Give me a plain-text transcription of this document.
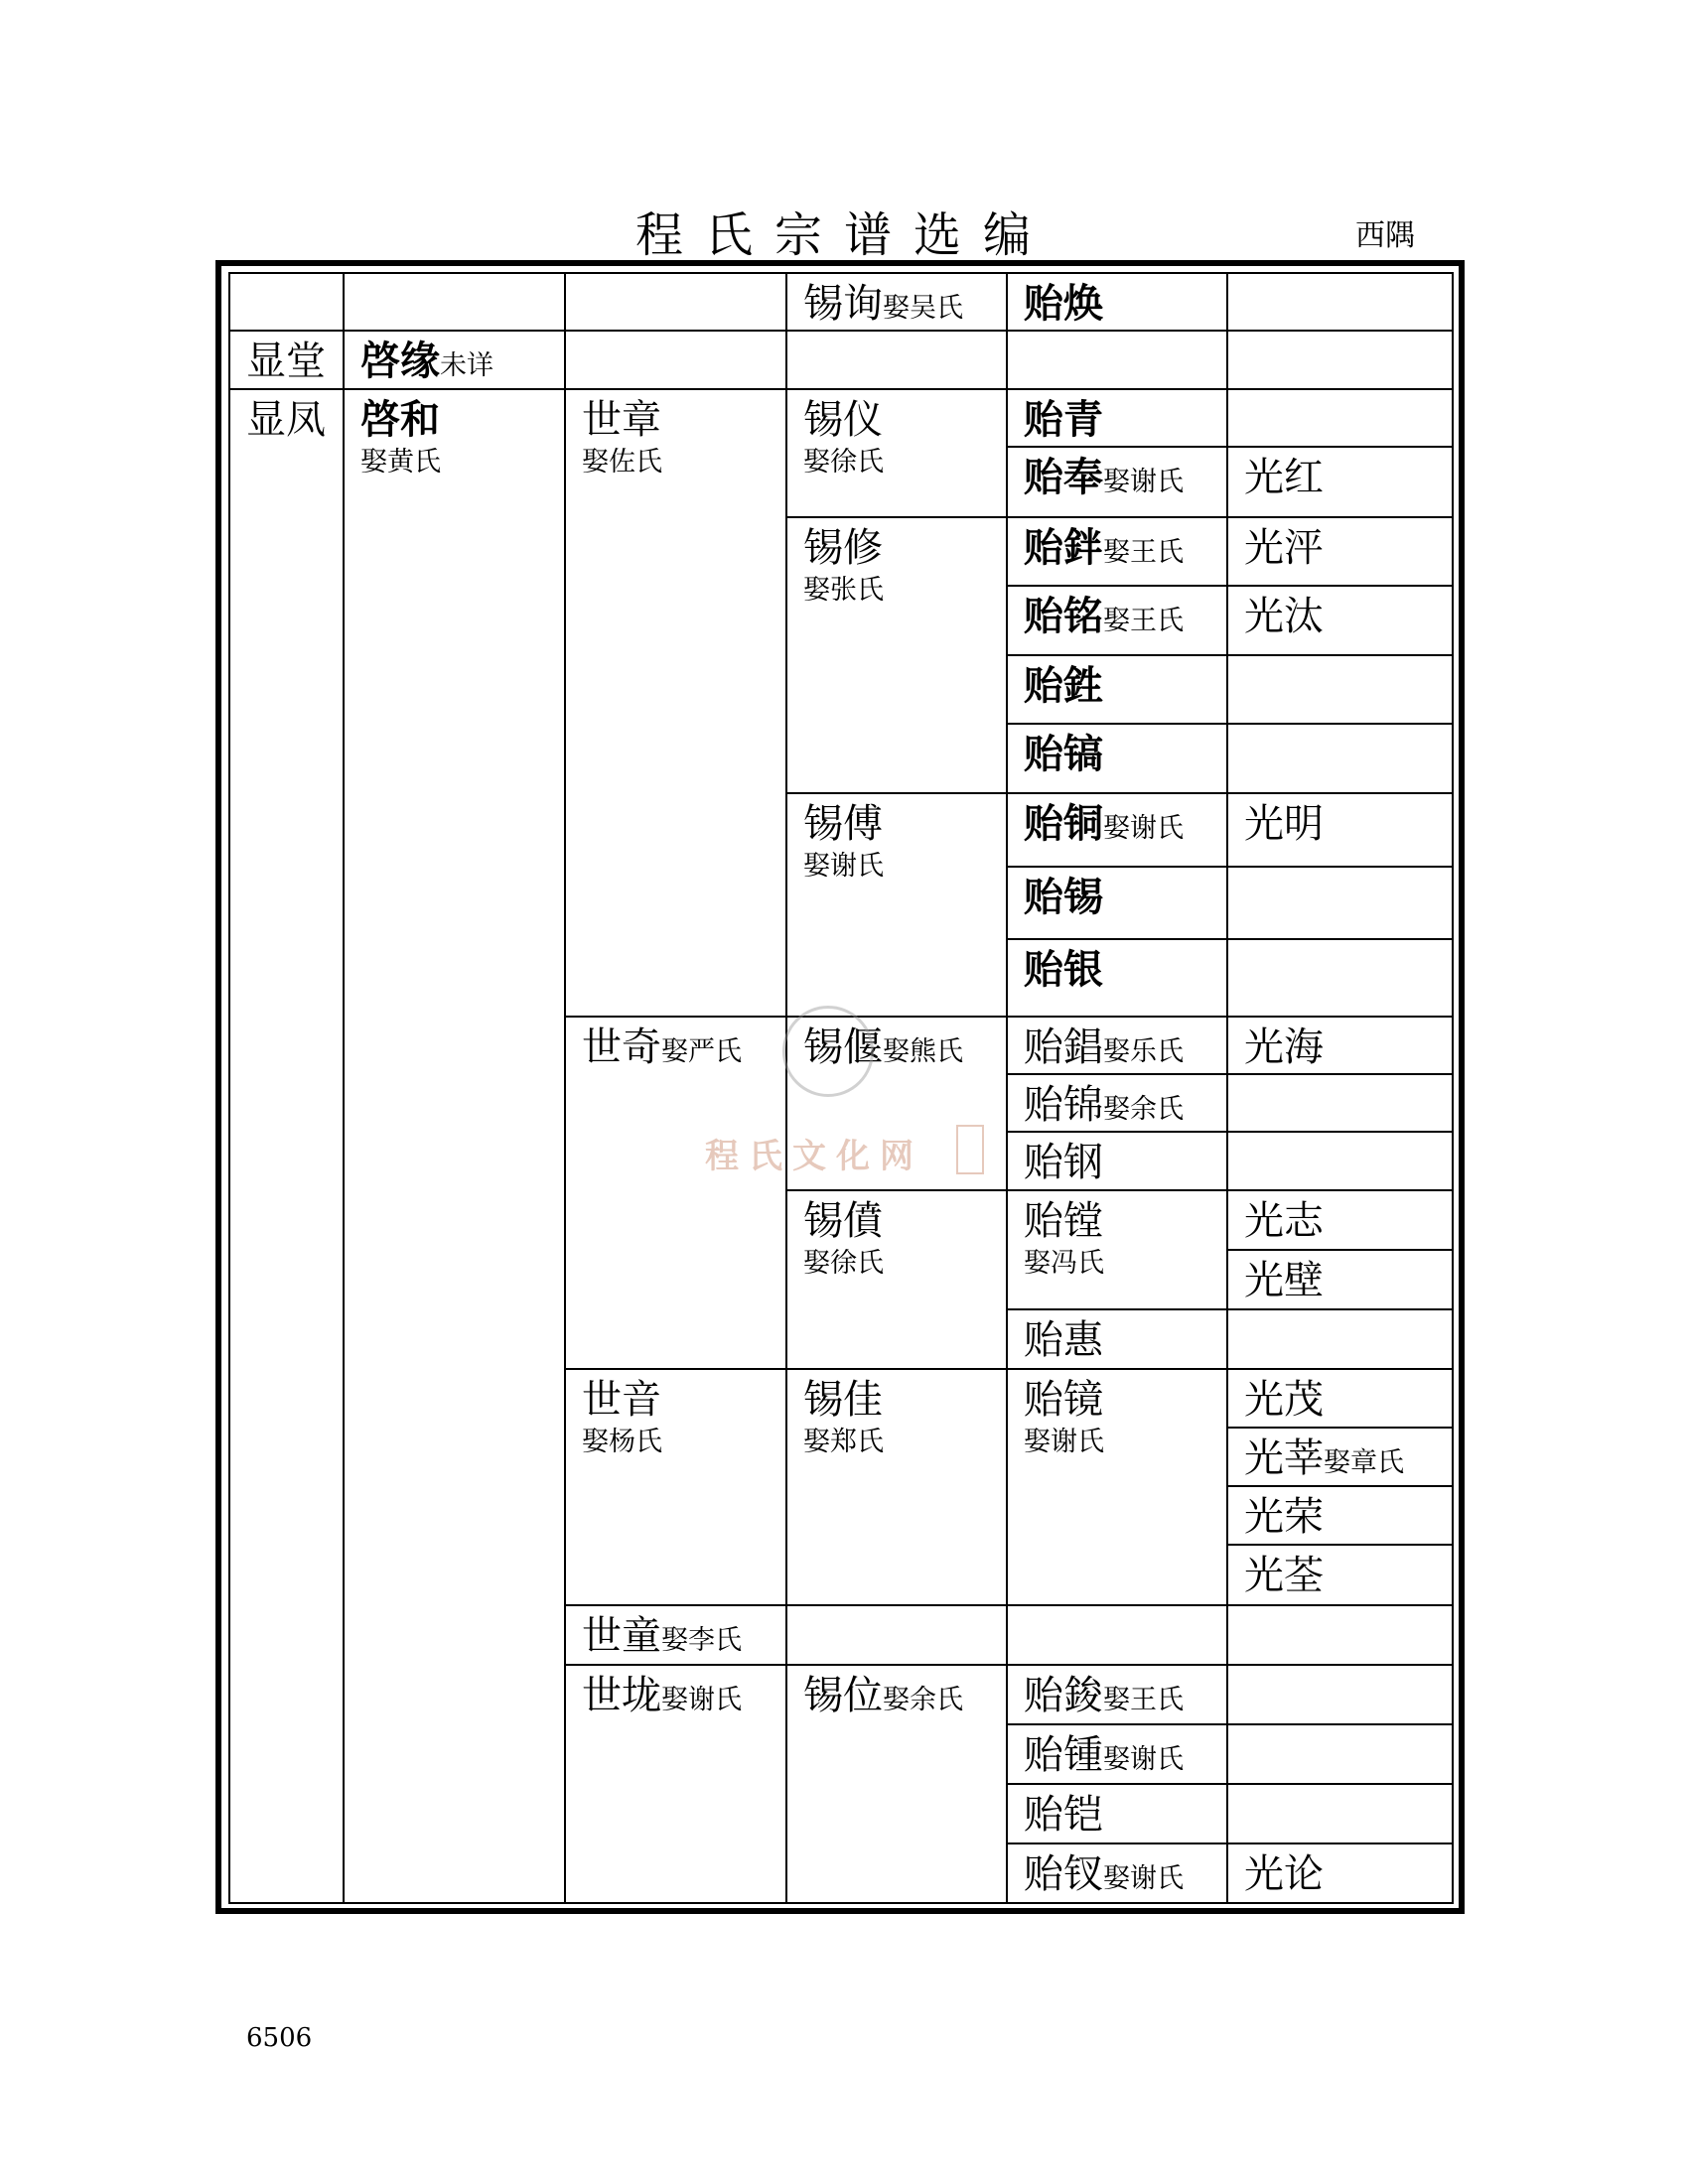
程氏宗谱选编	西隅
锡询娶吴氏 贻焕
显堂 啓缘未详
显凤 啓和
娶黄氏
世章
娶佐氏
锡仪
娶徐氏
贻青
贻奉娶谢氏 光红
锡修
娶张氏
贻鉡娶王氏 光泙
贻铭娶王氏 光汰
贻鉎
贻镐
锡傅
娶谢氏
贻铜娶谢氏 光明
贻锡
贻银
世奇娶严氏 锡偃娶熊氏 贻錩娶乐氏 光海
贻锦娶余氏
贻钢
锡僨
娶徐氏
贻镗
娶冯氏
光志
光壁
贻惠
世音
娶杨氏
锡佳
娶郑氏
贻镜
娶谢氏
光茂
光莘娶章氏
光荣
光荃
世童娶李氏
世垅娶谢氏 锡位娶余氏 贻鋑娶王氏
贻锺娶谢氏
贻铠
贻钗娶谢氏 光论
程氏文化网
6506
